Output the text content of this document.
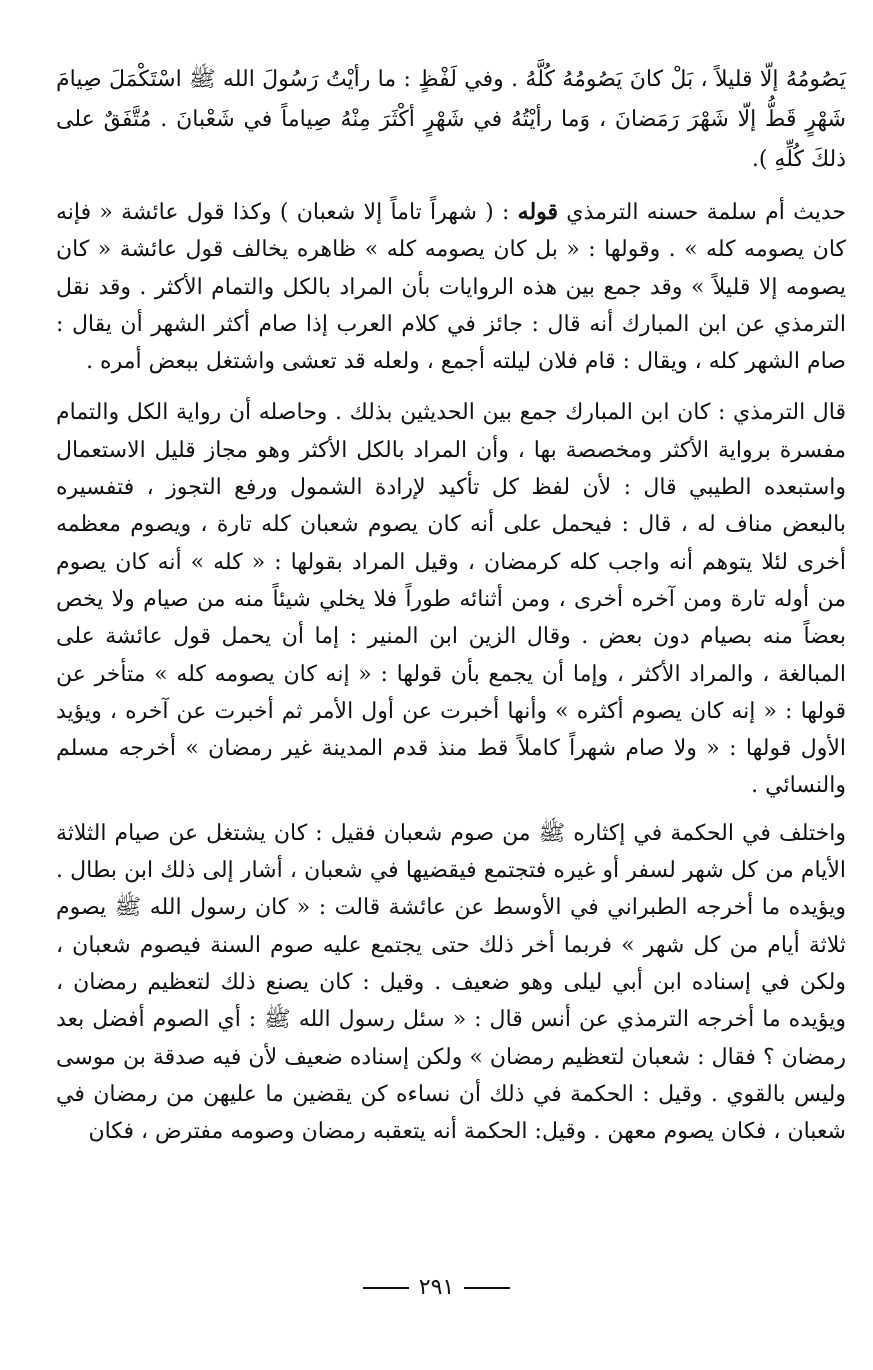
يَصُومُهُ إلّا قليلاً ، بَلْ كانَ يَصُومُهُ كُلَّهُ . وفي لَفْظٍ : ما رأيْتُ رَسُولَ الله ﷺ اسْتَكْمَلَ صِيامَ شَهْرٍ قَطُّ إلّا شَهْرَ رَمَضانَ ، وَما رأيْتُهُ في شَهْرٍ أكْثَرَ مِنْهُ صِياماً في شَعْبانَ . مُتَّفَقٌ على ذلكَ كُلِّهِ ).

حديث أم سلمة حسنه الترمذي قوله : ( شهراً تاماً إلا شعبان ) وكذا قول عائشة « فإنه كان يصومه كله » . وقولها : « بل كان يصومه كله » ظاهره يخالف قول عائشة « كان يصومه إلا قليلاً » وقد جمع بين هذه الروايات بأن المراد بالكل والتمام الأكثر . وقد نقل الترمذي عن ابن المبارك أنه قال : جائز في كلام العرب إذا صام أكثر الشهر أن يقال : صام الشهر كله ، ويقال : قام فلان ليلته أجمع ، ولعله قد تعشى واشتغل ببعض أمره .

قال الترمذي : كان ابن المبارك جمع بين الحديثين بذلك . وحاصله أن رواية الكل والتمام مفسرة برواية الأكثر ومخصصة بها ، وأن المراد بالكل الأكثر وهو مجاز قليل الاستعمال واستبعده الطيبي قال : لأن لفظ كل تأكيد لإرادة الشمول ورفع التجوز ، فتفسيره بالبعض مناف له ، قال : فيحمل على أنه كان يصوم شعبان كله تارة ، ويصوم معظمه أخرى لئلا يتوهم أنه واجب كله كرمضان ، وقيل المراد بقولها : « كله » أنه كان يصوم من أوله تارة ومن آخره أخرى ، ومن أثنائه طوراً فلا يخلي شيئاً منه من صيام ولا يخص بعضاً منه بصيام دون بعض . وقال الزين ابن المنير : إما أن يحمل قول عائشة على المبالغة ، والمراد الأكثر ، وإما أن يجمع بأن قولها : « إنه كان يصومه كله » متأخر عن قولها : « إنه كان يصوم أكثره » وأنها أخبرت عن أول الأمر ثم أخبرت عن آخره ، ويؤيد الأول قولها : « ولا صام شهراً كاملاً قط منذ قدم المدينة غير رمضان » أخرجه مسلم والنسائي .

واختلف في الحكمة في إكثاره ﷺ من صوم شعبان فقيل : كان يشتغل عن صيام الثلاثة الأيام من كل شهر لسفر أو غيره فتجتمع فيقضيها في شعبان ، أشار إلى ذلك ابن بطال . ويؤيده ما أخرجه الطبراني في الأوسط عن عائشة قالت : « كان رسول الله ﷺ يصوم ثلاثة أيام من كل شهر » فربما أخر ذلك حتى يجتمع عليه صوم السنة فيصوم شعبان ، ولكن في إسناده ابن أبي ليلى وهو ضعيف . وقيل : كان يصنع ذلك لتعظيم رمضان ، ويؤيده ما أخرجه الترمذي عن أنس قال : « سئل رسول الله ﷺ : أي الصوم أفضل بعد رمضان ؟ فقال : شعبان لتعظيم رمضان » ولكن إسناده ضعيف لأن فيه صدقة بن موسى وليس بالقوي . وقيل : الحكمة في ذلك أن نساءه كن يقضين ما عليهن من رمضان في شعبان ، فكان يصوم معهن . وقيل: الحكمة أنه يتعقبه رمضان وصومه مفترض ، فكان

٢٩١
